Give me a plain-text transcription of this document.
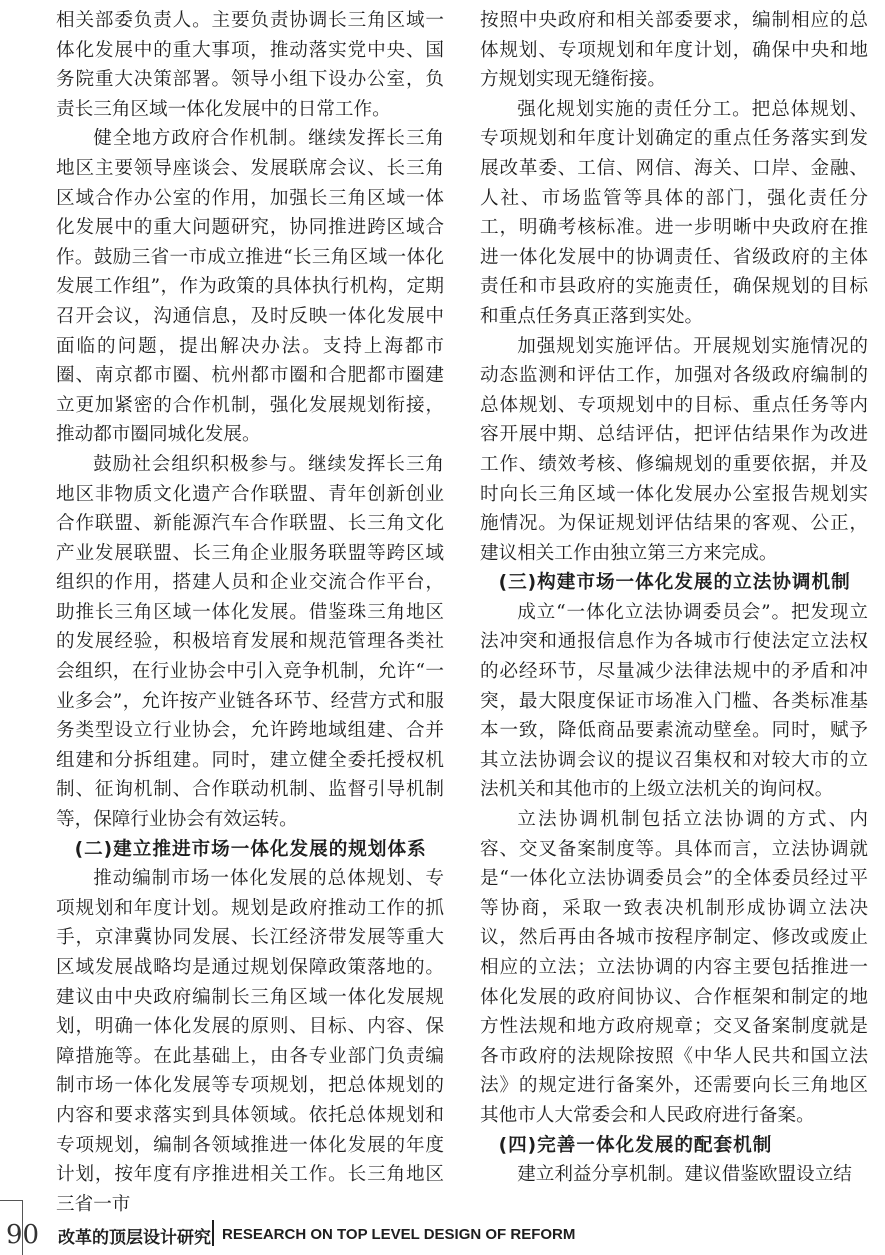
相关部委负责人。主要负责协调长三角区域一体化发展中的重大事项，推动落实党中央、国务院重大决策部署。领导小组下设办公室，负责长三角区域一体化发展中的日常工作。

健全地方政府合作机制。继续发挥长三角地区主要领导座谈会、发展联席会议、长三角区域合作办公室的作用，加强长三角区域一体化发展中的重大问题研究，协同推进跨区域合作。鼓励三省一市成立推进“长三角区域一体化发展工作组”，作为政策的具体执行机构，定期召开会议，沟通信息，及时反映一体化发展中面临的问题，提出解决办法。支持上海都市圈、南京都市圈、杭州都市圈和合肥都市圈建立更加紧密的合作机制，强化发展规划衔接，推动都市圈同城化发展。

鼓励社会组织积极参与。继续发挥长三角地区非物质文化遗产合作联盟、青年创新创业合作联盟、新能源汽车合作联盟、长三角文化产业发展联盟、长三角企业服务联盟等跨区域组织的作用，搭建人员和企业交流合作平台，助推长三角区域一体化发展。借鉴珠三角地区的发展经验，积极培育发展和规范管理各类社会组织，在行业协会中引入竞争机制，允许“一业多会”，允许按产业链各环节、经营方式和服务类型设立行业协会，允许跨地域组建、合并组建和分拆组建。同时，建立健全委托授权机制、征询机制、合作联动机制、监督引导机制等，保障行业协会有效运转。

(二)建立推进市场一体化发展的规划体系

推动编制市场一体化发展的总体规划、专项规划和年度计划。规划是政府推动工作的抓手，京津冀协同发展、长江经济带发展等重大区域发展战略均是通过规划保障政策落地的。建议由中央政府编制长三角区域一体化发展规划，明确一体化发展的原则、目标、内容、保障措施等。在此基础上，由各专业部门负责编制市场一体化发展等专项规划，把总体规划的内容和要求落实到具体领域。依托总体规划和专项规划，编制各领域推进一体化发展的年度计划，按年度有序推进相关工作。长三角地区三省一市

按照中央政府和相关部委要求，编制相应的总体规划、专项规划和年度计划，确保中央和地方规划实现无缝衔接。

强化规划实施的责任分工。把总体规划、专项规划和年度计划确定的重点任务落实到发展改革委、工信、网信、海关、口岸、金融、人社、市场监管等具体的部门，强化责任分工，明确考核标准。进一步明晰中央政府在推进一体化发展中的协调责任、省级政府的主体责任和市县政府的实施责任，确保规划的目标和重点任务真正落到实处。

加强规划实施评估。开展规划实施情况的动态监测和评估工作，加强对各级政府编制的总体规划、专项规划中的目标、重点任务等内容开展中期、总结评估，把评估结果作为改进工作、绩效考核、修编规划的重要依据，并及时向长三角区域一体化发展办公室报告规划实施情况。为保证规划评估结果的客观、公正，建议相关工作由独立第三方来完成。

(三)构建市场一体化发展的立法协调机制

成立“一体化立法协调委员会”。把发现立法冲突和通报信息作为各城市行使法定立法权的必经环节，尽量减少法律法规中的矛盾和冲突，最大限度保证市场准入门槛、各类标准基本一致，降低商品要素流动壁垒。同时，赋予其立法协调会议的提议召集权和对较大市的立法机关和其他市的上级立法机关的询问权。

立法协调机制包括立法协调的方式、内容、交叉备案制度等。具体而言，立法协调就是“一体化立法协调委员会”的全体委员经过平等协商，采取一致表决机制形成协调立法决议，然后再由各城市按程序制定、修改或废止相应的立法；立法协调的内容主要包括推进一体化发展的政府间协议、合作框架和制定的地方性法规和地方政府规章；交叉备案制度就是各市政府的法规除按照《中华人民共和国立法法》的规定进行备案外，还需要向长三角地区其他市人大常委会和人民政府进行备案。

(四)完善一体化发展的配套机制

建立利益分享机制。建议借鉴欧盟设立结

90 改革的顶层设计研究 RESEARCH ON TOP LEVEL DESIGN OF REFORM
